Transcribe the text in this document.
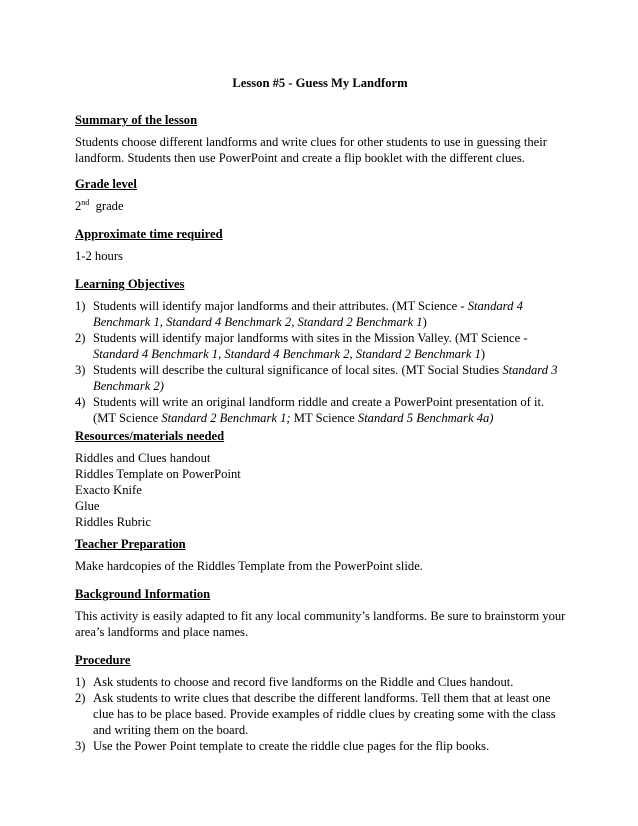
Lesson #5 - Guess My Landform
Summary of the lesson

Students choose different landforms and write clues for other students to use in guessing their landform. Students then use PowerPoint and create a flip booklet with the different clues.

Grade level

2nd grade

Approximate time required

1-2 hours

Learning Objectives
1) Students will identify major landforms and their attributes. (MT Science - Standard 4 Benchmark 1, Standard 4 Benchmark 2, Standard 2 Benchmark 1)
2) Students will identify major landforms with sites in the Mission Valley. (MT Science - Standard 4 Benchmark 1, Standard 4 Benchmark 2, Standard 2 Benchmark 1)
3) Students will describe the cultural significance of local sites. (MT Social Studies Standard 3 Benchmark 2)
4) Students will write an original landform riddle and create a PowerPoint presentation of it. (MT Science Standard 2 Benchmark 1; MT Science Standard 5 Benchmark 4a)
Resources/materials needed
Riddles and Clues handout
Riddles Template on PowerPoint
Exacto Knife
Glue
Riddles Rubric
Teacher Preparation

Make hardcopies of the Riddles Template from the PowerPoint slide.

Background Information

This activity is easily adapted to fit any local community’s landforms. Be sure to brainstorm your area’s landforms and place names.

Procedure
1) Ask students to choose and record five landforms on the Riddle and Clues handout.
2) Ask students to write clues that describe the different landforms. Tell them that at least one clue has to be place based. Provide examples of riddle clues by creating some with the class and writing them on the board.
3) Use the Power Point template to create the riddle clue pages for the flip books.
